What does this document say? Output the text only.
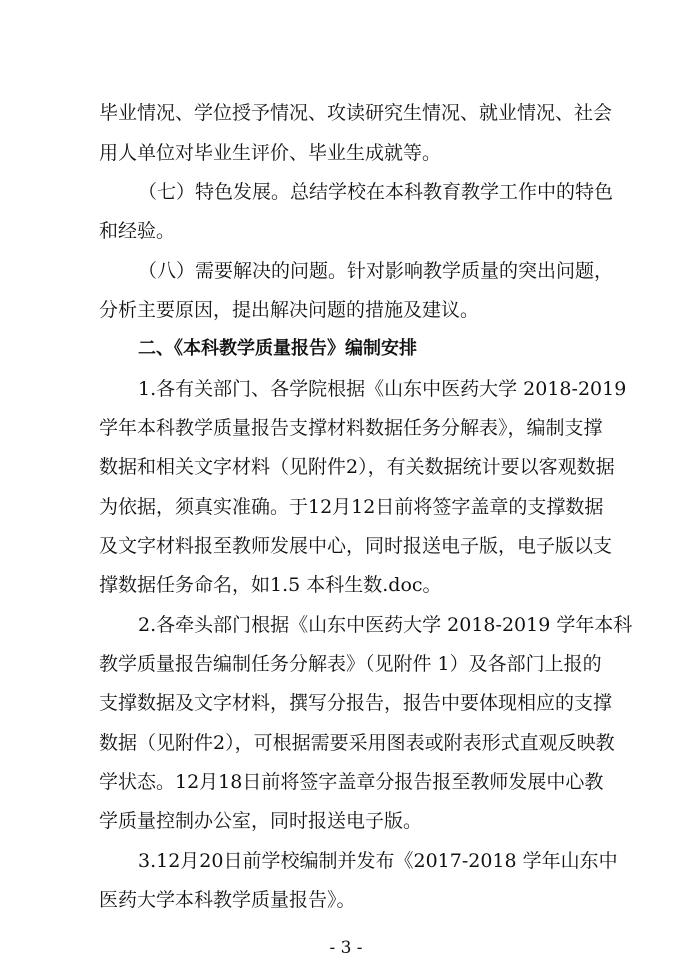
毕业情况、学位授予情况、攻读研究生情况、就业情况、社会
用人单位对毕业生评价、毕业生成就等。
（七）特色发展。总结学校在本科教育教学工作中的特色
和经验。
（八）需要解决的问题。针对影响教学质量的突出问题，
分析主要原因，提出解决问题的措施及建议。
二、《本科教学质量报告》编制安排
1.各有关部门、各学院根据《山东中医药大学 2018-2019
学年本科教学质量报告支撑材料数据任务分解表》，编制支撑
数据和相关文字材料（见附件2），有关数据统计要以客观数据
为依据，须真实准确。于12月12日前将签字盖章的支撑数据
及文字材料报至教师发展中心，同时报送电子版，电子版以支
撑数据任务命名，如1.5 本科生数.doc。
2.各牵头部门根据《山东中医药大学 2018-2019 学年本科
教学质量报告编制任务分解表》（见附件 1）及各部门上报的
支撑数据及文字材料，撰写分报告，报告中要体现相应的支撑
数据（见附件2），可根据需要采用图表或附表形式直观反映教
学状态。12月18日前将签字盖章分报告报至教师发展中心教
学质量控制办公室，同时报送电子版。
3.12月20日前学校编制并发布《2017-2018 学年山东中
医药大学本科教学质量报告》。
- 3 -
